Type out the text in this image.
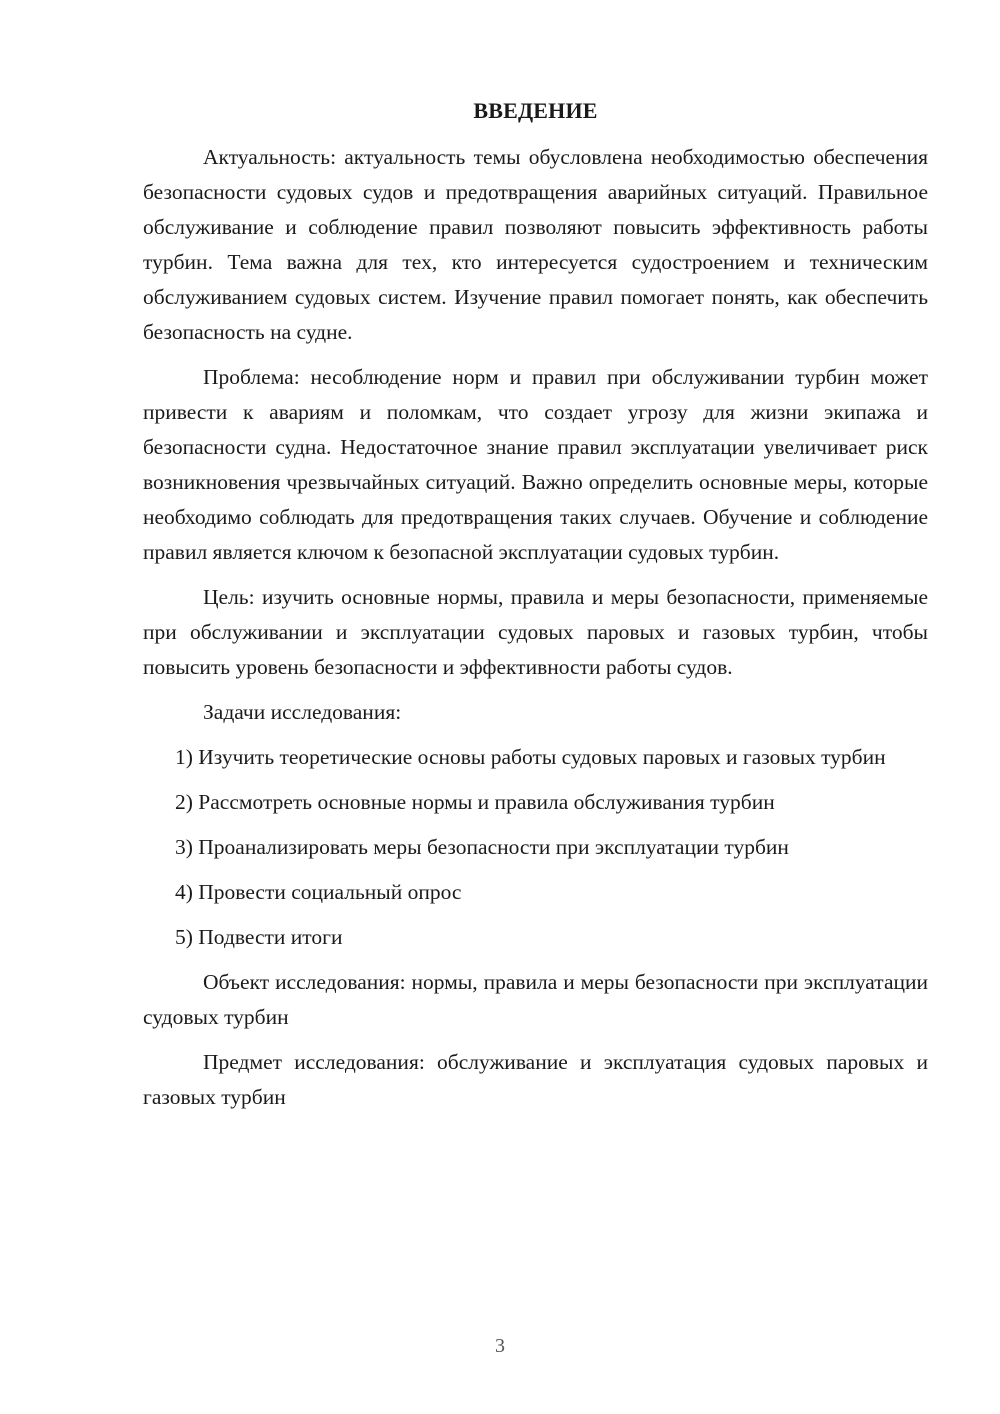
ВВЕДЕНИЕ

Актуальность: актуальность темы обусловлена необходимостью обеспечения безопасности судовых судов и предотвращения аварийных ситуаций. Правильное обслуживание и соблюдение правил позволяют повысить эффективность работы турбин. Тема важна для тех, кто интересуется судостроением и техническим обслуживанием судовых систем. Изучение правил помогает понять, как обеспечить безопасность на судне.

Проблема: несоблюдение норм и правил при обслуживании турбин может привести к авариям и поломкам, что создает угрозу для жизни экипажа и безопасности судна. Недостаточное знание правил эксплуатации увеличивает риск возникновения чрезвычайных ситуаций. Важно определить основные меры, которые необходимо соблюдать для предотвращения таких случаев. Обучение и соблюдение правил является ключом к безопасной эксплуатации судовых турбин.

Цель: изучить основные нормы, правила и меры безопасности, применяемые при обслуживании и эксплуатации судовых паровых и газовых турбин, чтобы повысить уровень безопасности и эффективности работы судов.

Задачи исследования:

1) Изучить теоретические основы работы судовых паровых и газовых турбин

2) Рассмотреть основные нормы и правила обслуживания турбин

3) Проанализировать меры безопасности при эксплуатации турбин

4) Провести социальный опрос

5) Подвести итоги

Объект исследования: нормы, правила и меры безопасности при эксплуатации судовых турбин

Предмет исследования: обслуживание и эксплуатация судовых паровых и газовых турбин

3
